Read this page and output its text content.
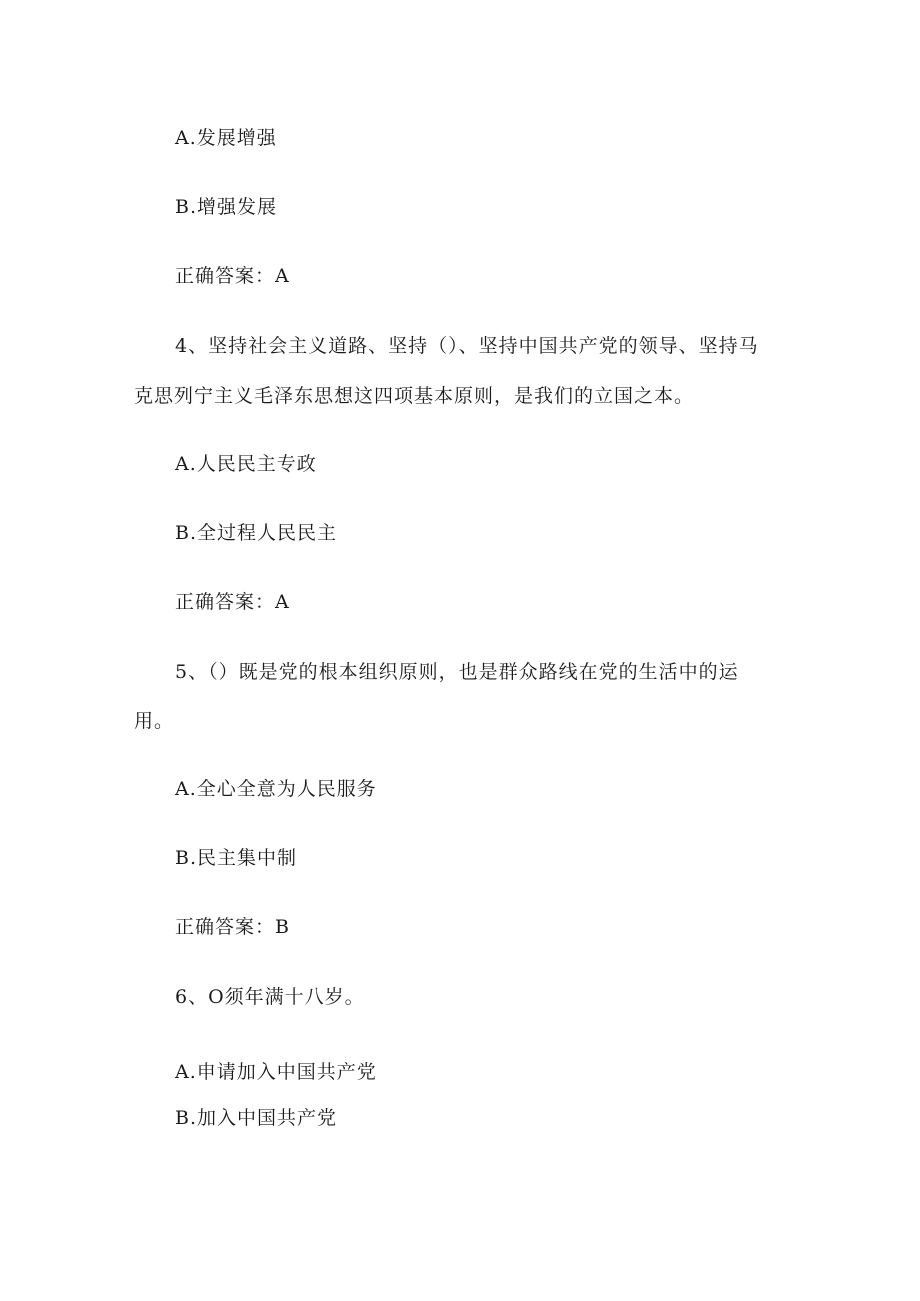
A.发展增强
B.增强发展
正确答案：A
4、坚持社会主义道路、坚持（）、坚持中国共产党的领导、坚持马
克思列宁主义毛泽东思想这四项基本原则，是我们的立国之本。
A.人民民主专政
B.全过程人民民主
正确答案：A
5、（）既是党的根本组织原则，也是群众路线在党的生活中的运
用。
A.全心全意为人民服务
B.民主集中制
正确答案：B
6、O须年满十八岁。
A.申请加入中国共产党
B.加入中国共产党
